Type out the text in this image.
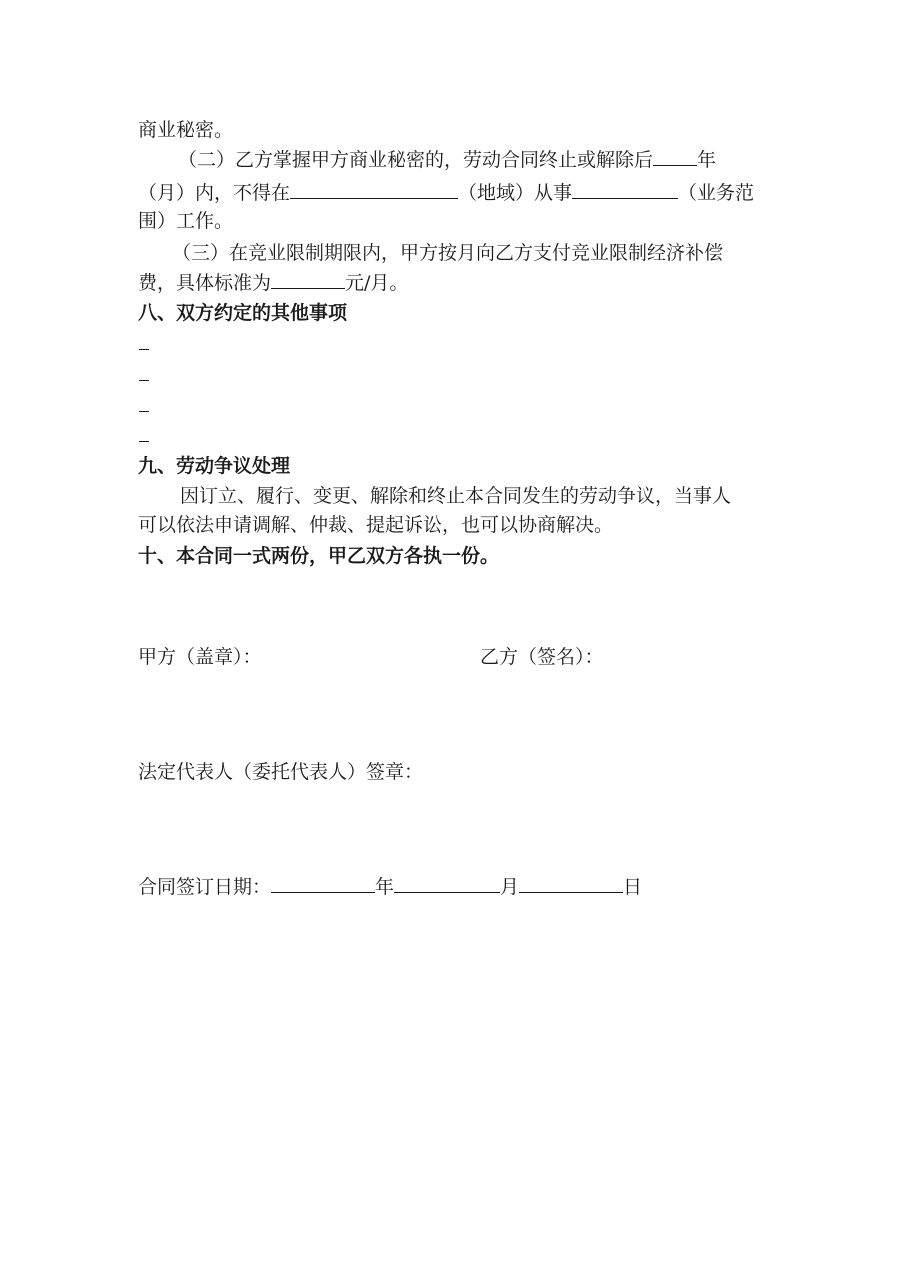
商业秘密。
（二）乙方掌握甲方商业秘密的，劳动合同终止或解除后 年
（月）内，不得在	（地域）从事	（业务范
围）工作。
（三）在竞业限制期限内，甲方按月向乙方支付竞业限制经济补偿
费，具体标准为	元/月。
八、双方约定的其他事项
九、劳动争议处理
因订立、履行、变更、解除和终止本合同发生的劳动争议，当事人
可以依法申请调解、仲裁、提起诉讼，也可以协商解决。
十、本合同一式两份，甲乙双方各执一份。
甲方（盖章）：	乙方（签名）：
法定代表人（委托代表人）签章：
合同签订日期：	年	月	日
